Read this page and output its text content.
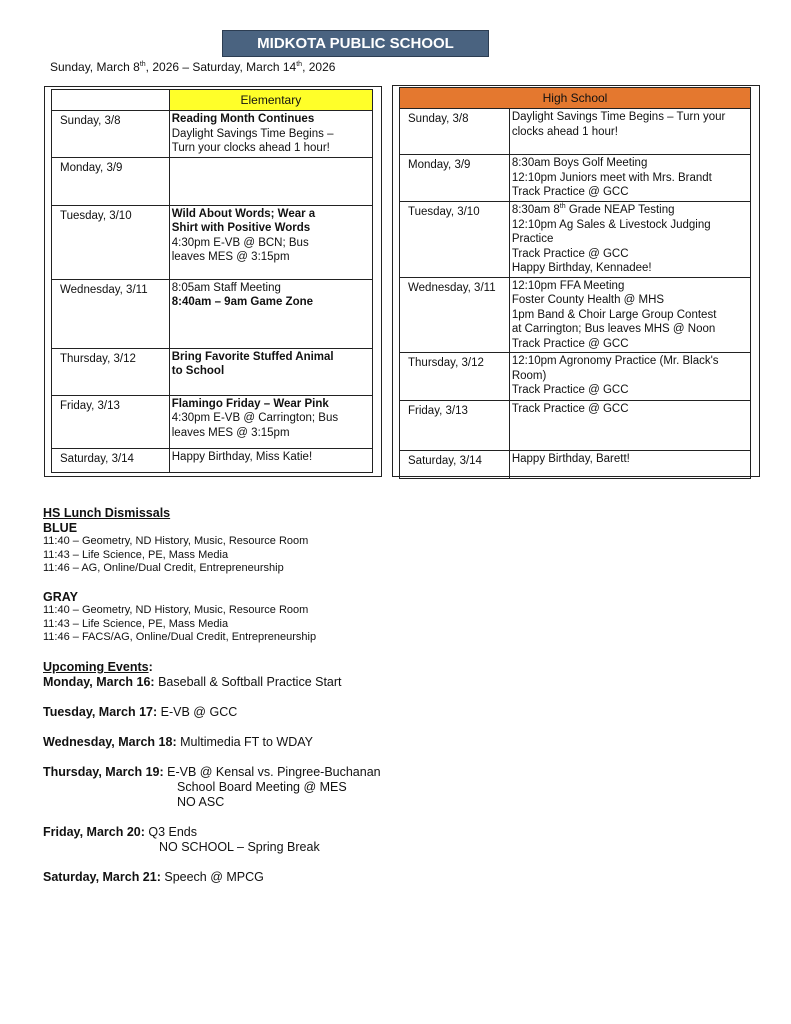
MIDKOTA PUBLIC SCHOOL
Sunday, March 8th, 2026 – Saturday, March 14th, 2026
	Elementary
Sunday, 3/8	Reading Month Continues
Daylight Savings Time Begins –
Turn your clocks ahead 1 hour!

Monday, 3/9	
Tuesday, 3/10	Wild About Words; Wear a
Shirt with Positive Words
4:30pm E-VB @ BCN; Bus
leaves MES @ 3:15pm

Wednesday, 3/11	8:05am Staff Meeting
8:40am – 9am Game Zone

Thursday, 3/12	Bring Favorite Stuffed Animal
to School

Friday, 3/13	Flamingo Friday – Wear Pink
4:30pm E-VB @ Carrington; Bus
leaves MES @ 3:15pm

Saturday, 3/14	Happy Birthday, Miss Katie!
High School	
Sunday, 3/8	Daylight Savings Time Begins – Turn your
clocks ahead 1 hour!

Monday, 3/9	8:30am Boys Golf Meeting
12:10pm Juniors meet with Mrs. Brandt
Track Practice @ GCC

Tuesday, 3/10	8:30am 8th Grade NEAP Testing
12:10pm Ag Sales & Livestock Judging
Practice
Track Practice @ GCC
Happy Birthday, Kennadee!

Wednesday, 3/11	12:10pm FFA Meeting
Foster County Health @ MHS
1pm Band & Choir Large Group Contest
at Carrington; Bus leaves MHS @ Noon
Track Practice @ GCC

Thursday, 3/12	12:10pm Agronomy Practice (Mr. Black's
Room)
Track Practice @ GCC

Friday, 3/13	Track Practice @ GCC

Saturday, 3/14	Happy Birthday, Barett!
HS Lunch Dismissals
BLUE
11:40 – Geometry, ND History, Music, Resource Room
11:43 – Life Science, PE, Mass Media
11:46 – AG, Online/Dual Credit, Entrepreneurship
GRAY
11:40 – Geometry, ND History, Music, Resource Room
11:43 – Life Science, PE, Mass Media
11:46 – FACS/AG, Online/Dual Credit, Entrepreneurship
Upcoming Events:
Monday, March 16: Baseball & Softball Practice Start
Tuesday, March 17: E-VB @ GCC
Wednesday, March 18: Multimedia FT to WDAY
Thursday, March 19: E-VB @ Kensal vs. Pingree-Buchanan
School Board Meeting @ MES
NO ASC
Friday, March 20: Q3 Ends
NO SCHOOL – Spring Break
Saturday, March 21: Speech @ MPCG
